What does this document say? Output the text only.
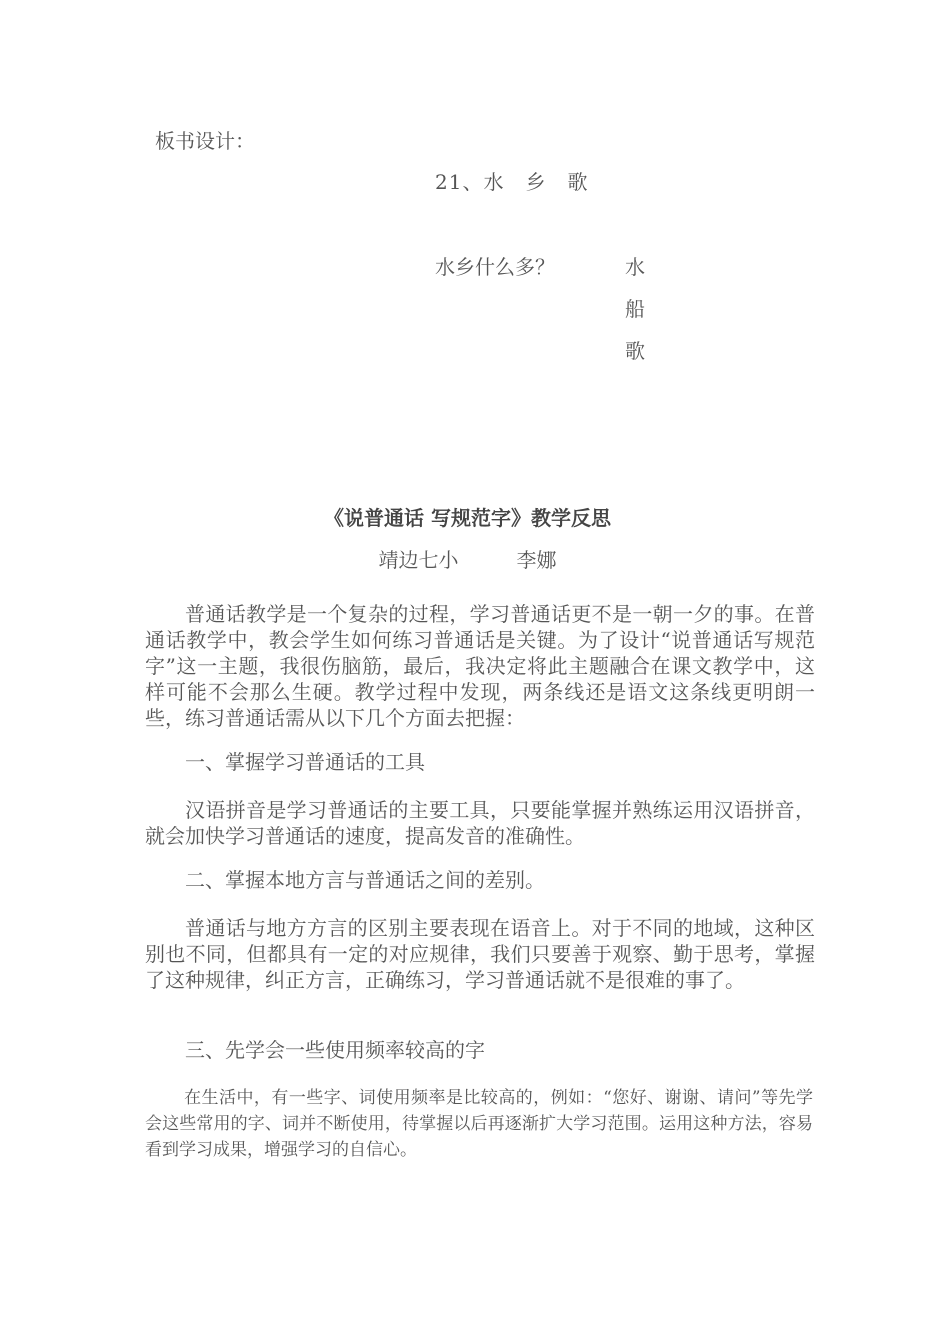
板书设计：
21、水　乡　歌
水乡什么多？	水
船
歌
《说普通话 写规范字》教学反思
靖边七小	李娜

普通话教学是一个复杂的过程，学习普通话更不是一朝一夕的事。在普通话教学中，教会学生如何练习普通话是关键。为了设计“说普通话写规范字”这一主题，我很伤脑筋，最后，我决定将此主题融合在课文教学中，这样可能不会那么生硬。教学过程中发现，两条线还是语文这条线更明朗一些，练习普通话需从以下几个方面去把握：

一、掌握学习普通话的工具

汉语拼音是学习普通话的主要工具，只要能掌握并熟练运用汉语拼音，就会加快学习普通话的速度，提高发音的准确性。

二、掌握本地方言与普通话之间的差别。

普通话与地方方言的区别主要表现在语音上。对于不同的地域，这种区别也不同，但都具有一定的对应规律，我们只要善于观察、勤于思考，掌握了这种规律，纠正方言，正确练习，学习普通话就不是很难的事了。

三、先学会一些使用频率较高的字

在生活中，有一些字、词使用频率是比较高的，例如：“您好、谢谢、请问”等先学会这些常用的字、词并不断使用，待掌握以后再逐渐扩大学习范围。运用这种方法，容易看到学习成果，增强学习的自信心。
